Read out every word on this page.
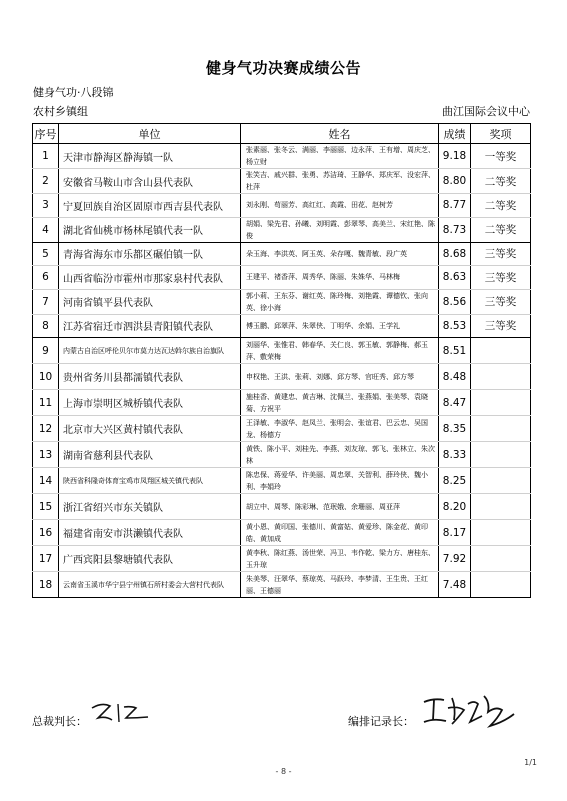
健身气功决赛成绩公告
健身气功·八段锦
农村乡镇组	曲江国际会议中心
序号	单位	姓名	成绩	奖项
1	天津市静海区静海镇一队	张素丽、张冬云、满丽、李丽丽、边永萍、王有增、周庆芝、杨立财	9.18	一等奖
2	安徽省马鞍山市含山县代表队	张笑吉、戚兴群、张勇、苏洁琦、王静华、郑庆军、没宏萍、杜萍	8.80	二等奖
3	宁夏回族自治区固原市西吉县代表队	刘永刚、苟丽芳、高红红、高霞、田花、赵树芳	8.77	二等奖
4	湖北省仙桃市杨林尾镇代表一队	胡娟、梁先君、孙曦、刘明霞、彭翠琴、高美兰、宋红艳、陈俊	8.73	二等奖
5	青海省海东市乐都区碾伯镇一队	朵玉海、李洪英、阿玉英、朵存嘎、魏青敏、段广英	8.68	三等奖
6	山西省临汾市霍州市那家泉村代表队	王建平、褚香萍、周秀华、陈丽、朱姝华、马林梅	8.63	三等奖
7	河南省镇平县代表队	郭小莉、王东芬、谢红英、陈玲梅、刘艳霞、谭德钦、张向英、徐小海	8.56	三等奖
8	江苏省宿迁市泗洪县青阳镇代表队	傅玉鹏、邱翠萍、朱翠侠、丁明华、余娟、王学礼	8.53	三等奖
9	内蒙古自治区呼伦贝尔市莫力达瓦达斡尔族自治旗队	刘丽华、张惟君、韩春华、关仁良、郭玉敏、郭静梅、郝玉萍、敷荣梅	8.51	
10	贵州省务川县都濡镇代表队	申权艳、王洪、张莉、刘娜、邱方琴、官旺秀、邱方琴	8.48	
11	上海市崇明区城桥镇代表队	施桂香、黄建忠、黄吉琳、沈佩兰、张燕娟、张美琴、袁晓菊、方祝平	8.47	
12	北京市大兴区黄村镇代表队	王泽敏、李淑华、赵凤兰、张明会、张谊君、巴云忠、吴国龙、杨德方	8.35	
13	湖南省慈利县代表队	黄铁、陈小平、刘桂先、李燕、刘友琼、郭飞、张林立、朱次林	8.33	
14	陕西省科隆奇体育宝鸡市凤翔区城关镇代表队	陈忠保、蒋爱华、许美丽、周忠翠、关智利、薛玲侠、魏小利、李娟玲	8.25	
15	浙江省绍兴市东关镇队	胡立中、周琴、陈彩琳、范珉娥、余珊丽、周亚萍	8.20	
16	福建省南安市洪濑镇代表队	黄小恩、黄印国、张德川、黄富姑、黄爱珍、陈金花、黄印皓、黄加成	8.17	
17	广西宾阳县黎塘镇代表队	黄李秋、陈红燕、汤世荣、冯卫、韦作乾、梁力方、唐桂东、玉升琼	7.92	
18	云南省玉溪市华宁县宁州镇石所村委会大营村代表队	朱美琴、汪翠华、蔡琼英、马跃玲、李梦清、王生贵、王红丽、王德丽	7.48	
总裁判长：	编排记录长：
1/1
- 8 -
